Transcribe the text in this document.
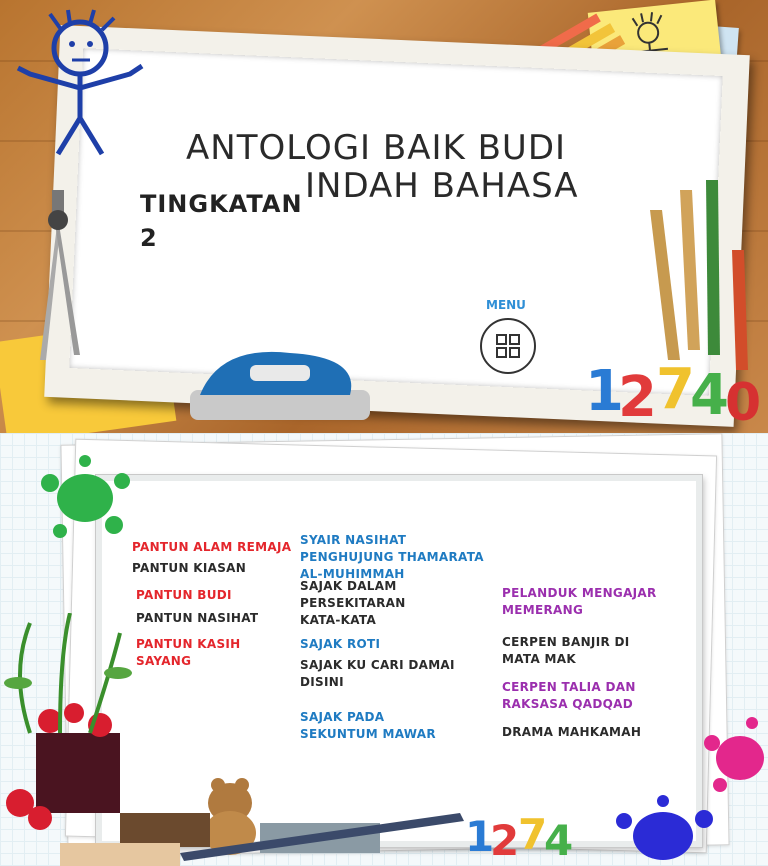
1
2 7
4
0
ANTOLOGI BAIK BUDI
INDAH BAHASA
TINGKATAN
2
MENU
1
2
7
4
PANTUN ALAM REMAJA
PANTUN KIASAN
PANTUN BUDI
PANTUN NASIHAT
PANTUN KASIH SAYANG
SYAIR NASIHAT PENGHUJUNG THAMARATA AL-MUHIMMAH
SAJAK DALAM PERSEKITARAN KATA-KATA
SAJAK ROTI
SAJAK KU CARI DAMAI DISINI
SAJAK PADA SEKUNTUM MAWAR
PELANDUK MENGAJAR MEMERANG
CERPEN BANJIR DI MATA MAK
CERPEN TALIA DAN RAKSASA QADQAD
DRAMA MAHKAMAH
